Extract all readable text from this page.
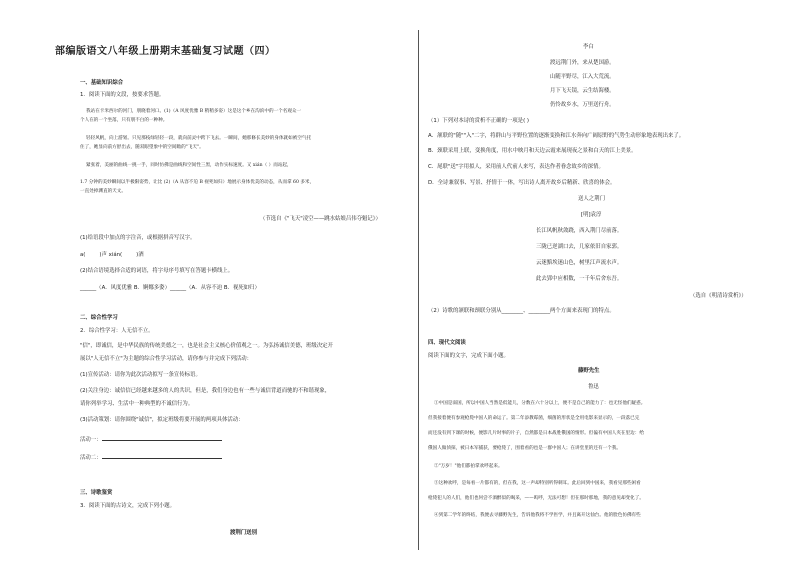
部编版语文八年级上册期末基础复习试题（四）
一、基础知识综合
1．阅读下面的文段，按要求答题。
我站在卡米西尔的河门，朋晓着河口。(1)（A 风度优雅 B 稍稍多姿）这是这个乡在沟滨中的一个名观众一
个人在的一个坐落，只有朋不白的一种种。
轻轻风帆，向上游划。只见那枝绿轻轻一段，就向前灵中跨下飞去。一瞬间，她那修长美妙的身体就如被空气托
住了，她显向前方舒出去，随双眼望象中的空间瞻的"飞天"。
紧张着，美丽的曲线一挑一手，同时仿佛是曲线和空间性三黑，动作实标速度。又 xián（ ）而站起，
1.7 分钟的美妙瞬间以半极限姿势，让比 (2)（A 从容不迫 B 视死如归）地展示身体优美的动态，从而拿 60 多米，
一直处掉渊直的天文。
（节选自《"飞天"凌空——跳水姑娘吕伟夺魁记》）
(1)给语段中加点的字注音，或根据拼音写汉字。
a(	)声 xián(	)酒
(2)结合语境选择合适的词语，将字母序号填写在答题卡横线上。
______（A．风度优雅 B．婀娜多姿）______（A．从容不迫 B．视死如归）
二、综合性学习
2．综合性学习：人无信不立。
"信"，即诚信，是中华民族的传统美德之一，也是社会主义核心价值观之一。为弘扬诚信美德，班级决定开
展以"人无信不立"为主题的综合性学习活动，请你参与并完成下列活动：
(1)宣传活动：请你为此次活动拟写一条宣传标语。
(2)关注身边：诚信信已经越来越多的人的共识，但是，我们身边也有一些与诚信背道而驰的不和谐现象，
请你列举学习、生活中一种典型的不诚信行为。
(3)活动策划：请你围绕"诚信"，拟定班级将要开展的两项具体活动：
活动一：
活动二：
三、诗歌鉴赏
3．阅读下面的古诗文，完成下列小题。
渡荆门送别
李白
渡远荆门外，来从楚国游。
山随平野尽，江入大荒流。
月下飞天镜，云生结海楼。
仍怜故乡水，万里送行舟。
（1）下列对本诗的赏析不正确的一项是( )
A．颔联的"随""入"二字，将群山与平野位置的逐渐变换和江水奔向广阔原野的气势生动形象地表现出来了。
B．颈联采用上联，变换角度，用水中映月和天边云霞来展现夜之景和白天的江上美景。
C．尾联"送"字用拟人，采用前人代前人来写，表达作者眷念故乡的深情。
D．全诗兼叙事、写景、抒情于一体，写出诗人离开故乡后精新、欣喜的体会。
送人之荆门
[明]袁淳
长江风帆秋敛跷，西入荆门尽前落。
三陇已逆湖口去，几家依旧自家郭。
云迷黯埃迷山色，树里江声流水声。
此去郢中应相数，一千年后舍东吾。
（选自《明清诗赏析》）
（2）诗歌的颔联和颈联分别从________、________两个方面来表现门的特点。
四、现代文阅读
阅读下面的文字，完成下面小题。
藤野先生
鲁迅
①中国是弱国，所以中国人当然是低能儿，分数在六十分以上，便不是自己的能力了：也无怪他们疑惑。
但我接着便有参观枪毙中国人的命运了。第二年添教霉菌，细菌的形状是全用电影来显示的，一段落已完
而还没有到下课的时候，便影几片时事的片子，自然都是日本战胜俄国的情形。但偏有中国人夹在里边：给
俄国人做侦探，被日本军捕获，要枪毙了，围着看的也是一群中国人；在讲堂里的还有一个我。
②"万岁！"他们都拍掌欢呼起来。
③这种欢呼，是每看一片都有的，但在我，这一声却特别听得刺耳。此后回到中国来，我看见那些闲看
枪毙犯人的人们，他们也何尝不酒醉似的喝采，——呜呼，无法可想！但在那时那地，我的意见却变化了。
④到第二学年的终结，我便去寻藤野先生，告诉他我将不学医学，并且离开这仙台。他的脸色仿佛有些
